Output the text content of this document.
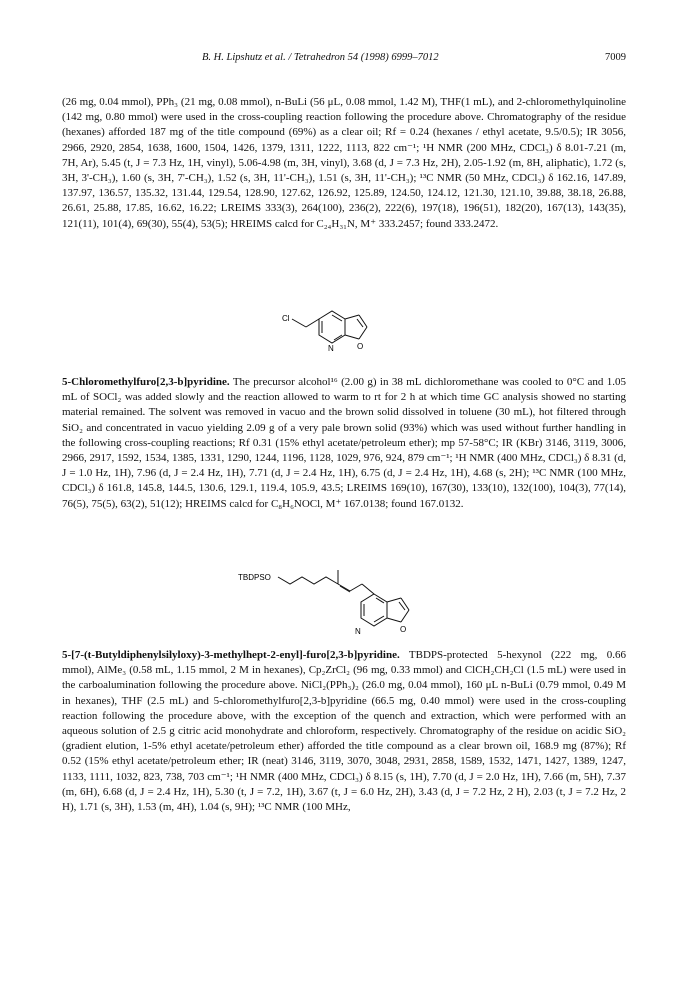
B. H. Lipshutz et al. / Tetrahedron 54 (1998) 6999–7012	7009
(26 mg, 0.04 mmol), PPh₃ (21 mg, 0.08 mmol), n-BuLi (56 μL, 0.08 mmol, 1.42 M), THF(1 mL), and 2-chloromethylquinoline (142 mg, 0.80 mmol) were used in the cross-coupling reaction following the procedure above. Chromatography of the residue (hexanes) afforded 187 mg of the title compound (69%) as a clear oil; Rf = 0.24 (hexanes / ethyl acetate, 9.5/0.5); IR 3056, 2966, 2920, 2854, 1638, 1600, 1504, 1426, 1379, 1311, 1222, 1113, 822 cm⁻¹; ¹H NMR (200 MHz, CDCl₃) δ 8.01-7.21 (m, 7H, Ar), 5.45 (t, J = 7.3 Hz, 1H, vinyl), 5.06-4.98 (m, 3H, vinyl), 3.68 (d, J = 7.3 Hz, 2H), 2.05-1.92 (m, 8H, aliphatic), 1.72 (s, 3H, 3'-CH₃), 1.60 (s, 3H, 7'-CH₃), 1.52 (s, 3H, 11'-CH₃), 1.51 (s, 3H, 11'-CH₃); ¹³C NMR (50 MHz, CDCl₃) δ 162.16, 147.89, 137.97, 136.57, 135.32, 131.44, 129.54, 128.90, 127.62, 126.92, 125.89, 124.50, 124.12, 121.30, 121.10, 39.88, 38.18, 26.88, 26.61, 25.88, 17.85, 16.62, 16.22; LREIMS 333(3), 264(100), 236(2), 222(6), 197(18), 196(51), 182(20), 167(13), 143(35), 121(11), 101(4), 69(30), 55(4), 53(5); HREIMS calcd for C₂₄H₃₁N, M⁺ 333.2457; found 333.2472.
Cl
N	O
5-Chloromethylfuro[2,3-b]pyridine. The precursor alcohol¹⁶ (2.00 g) in 38 mL dichloromethane was cooled to 0°C and 1.05 mL of SOCl₂ was added slowly and the reaction allowed to warm to rt for 2 h at which time GC analysis showed no starting material remained. The solvent was removed in vacuo and the brown solid dissolved in toluene (30 mL), hot filtered through SiO₂ and concentrated in vacuo yielding 2.09 g of a very pale brown solid (93%) which was used without further handling in the following cross-coupling reactions; Rf 0.31 (15% ethyl acetate/petroleum ether); mp 57-58°C; IR (KBr) 3146, 3119, 3006, 2966, 2917, 1592, 1534, 1385, 1331, 1290, 1244, 1196, 1128, 1029, 976, 924, 879 cm⁻¹; ¹H NMR (400 MHz, CDCl₃) δ 8.31 (d, J = 1.0 Hz, 1H), 7.96 (d, J = 2.4 Hz, 1H), 7.71 (d, J = 2.4 Hz, 1H), 6.75 (d, J = 2.4 Hz, 1H), 4.68 (s, 2H); ¹³C NMR (100 MHz, CDCl₃) δ 161.8, 145.8, 144.5, 130.6, 129.1, 119.4, 105.9, 43.5; LREIMS 169(10), 167(30), 133(10), 132(100), 104(3), 77(14), 76(5), 75(5), 63(2), 51(12); HREIMS calcd for C₈H₆NOCl, M⁺ 167.0138; found 167.0132.
TBDPSO
N	O
5-[7-(t-Butyldiphenylsilyloxy)-3-methylhept-2-enyl]-furo[2,3-b]pyridine. TBDPS-protected 5-hexynol (222 mg, 0.66 mmol), AlMe₃ (0.58 mL, 1.15 mmol, 2 M in hexanes), Cp₂ZrCl₂ (96 mg, 0.33 mmol) and ClCH₂CH₂Cl (1.5 mL) were used in the carboalumination following the procedure above. NiCl₂(PPh₃)₂ (26.0 mg, 0.04 mmol), 160 μL n-BuLi (0.79 mmol, 0.49 M in hexanes), THF (2.5 mL) and 5-chloromethylfuro[2,3-b]pyridine (66.5 mg, 0.40 mmol) were used in the cross-coupling reaction following the procedure above, with the exception of the quench and extraction, which were performed with an aqueous solution of 2.5 g citric acid monohydrate and chloroform, respectively. Chromatography of the residue on acidic SiO₂ (gradient elution, 1-5% ethyl acetate/petroleum ether) afforded the title compound as a clear brown oil, 168.9 mg (87%); Rf 0.52 (15% ethyl acetate/petroleum ether; IR (neat) 3146, 3119, 3070, 3048, 2931, 2858, 1589, 1532, 1471, 1427, 1389, 1247, 1133, 1111, 1032, 823, 738, 703 cm⁻¹; ¹H NMR (400 MHz, CDCl₃) δ 8.15 (s, 1H), 7.70 (d, J = 2.0 Hz, 1H), 7.66 (m, 5H), 7.37 (m, 6H), 6.68 (d, J = 2.4 Hz, 1H), 5.30 (t, J = 7.2, 1H), 3.67 (t, J = 6.0 Hz, 2H), 3.43 (d, J = 7.2 Hz, 2 H), 2.03 (t, J = 7.2 Hz, 2 H), 1.71 (s, 3H), 1.53 (m, 4H), 1.04 (s, 9H); ¹³C NMR (100 MHz,
